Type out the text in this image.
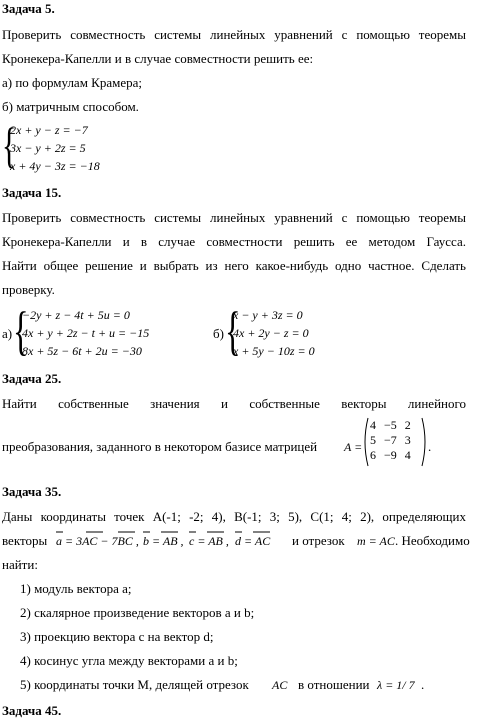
Задача 5.
Проверить совместность системы линейных уравнений с помощью теоремы
Кронекера-Капелли и в случае совместности решить ее:
а) по формулам Крамера;
б) матричным способом.
{
2x + y − z = −7
3x − y + 2z = 5
x + 4y − 3z = −18
Задача 15.
Проверить совместность системы линейных уравнений с помощью теоремы
Кронекера-Капелли и в случае совместности решить ее методом Гаусса.
Найти общее решение и выбрать из него какое-нибудь одно частное. Сделать
проверку.
а) {
−2y + z − 4t + 5u = 0
4x + y + 2z − t + u = −15
8x + 5z − 6t + 2u = −30
б) {
x − y + 3z = 0
4x + 2y − z = 0
x + 5y − 10z = 0
Задача 25.
Найти собственные значения и собственные векторы линейного
преобразования, заданного в некотором базисе матрицей A =
4	−5	2
5	−7	3
6	−9	4
.
Задача 35.
Даны координаты точек A(-1; -2; 4), B(-1; 3; 5), C(1; 4; 2), определяющих
векторы a = 3AC − 7BC , b = AB , c = AB , d = AC и отрезок m = AC . Необходимо
найти:
1) модуль вектора a;
2) скалярное произведение векторов a и b;
3) проекцию вектора c на вектор d;
4) косинус угла между векторами a и b;
5) координаты точки M, делящей отрезок AC в отношении λ = 1/ 7 .
Задача 45.
